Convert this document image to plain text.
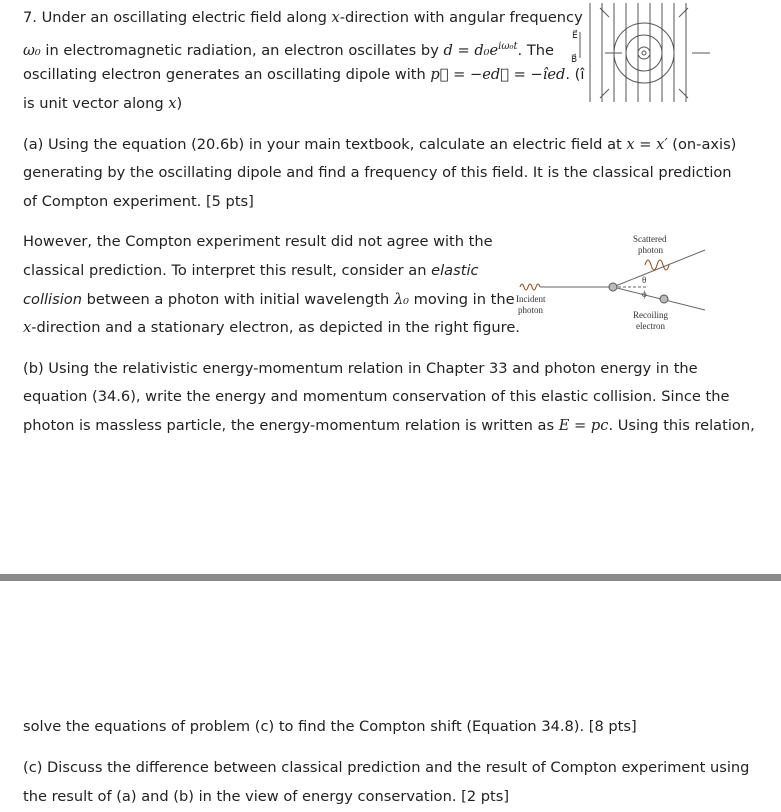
7. Under an oscillating electric field along x-direction with angular frequency
ω₀ in electromagnetic radiation, an electron oscillates by $d = d_0e^{i\omega_0t}$. The
oscillating electron generates an oscillating dipole with p⃗ = −ed⃗ = −îed. (î
is unit vector along x)
(a) Using the equation (20.6b) in your main textbook, calculate an electric field at x = x′ (on-axis)
generating by the oscillating dipole and find a frequency of this field. It is the classical prediction
of Compton experiment. [5 pts]
However, the Compton experiment result did not agree with the
classical prediction. To interpret this result, consider an elastic
collision between a photon with initial wavelength λ₀ moving in the
x-direction and a stationary electron, as depicted in the right figure.
(b) Using the relativistic energy-momentum relation in Chapter 33 and photon energy in the
equation (34.6), write the energy and momentum conservation of this elastic collision. Since the
photon is massless particle, the energy-momentum relation is written as E = pc. Using this relation,
solve the equations of problem (c) to find the Compton shift (Equation 34.8). [8 pts]
(c) Discuss the difference between classical prediction and the result of Compton experiment using
the result of (a) and (b) in the view of energy conservation. [2 pts]
E⃗
B⃗
Scattered
photon
Incident
photon	Recoiling
electron
θ
ϕ
